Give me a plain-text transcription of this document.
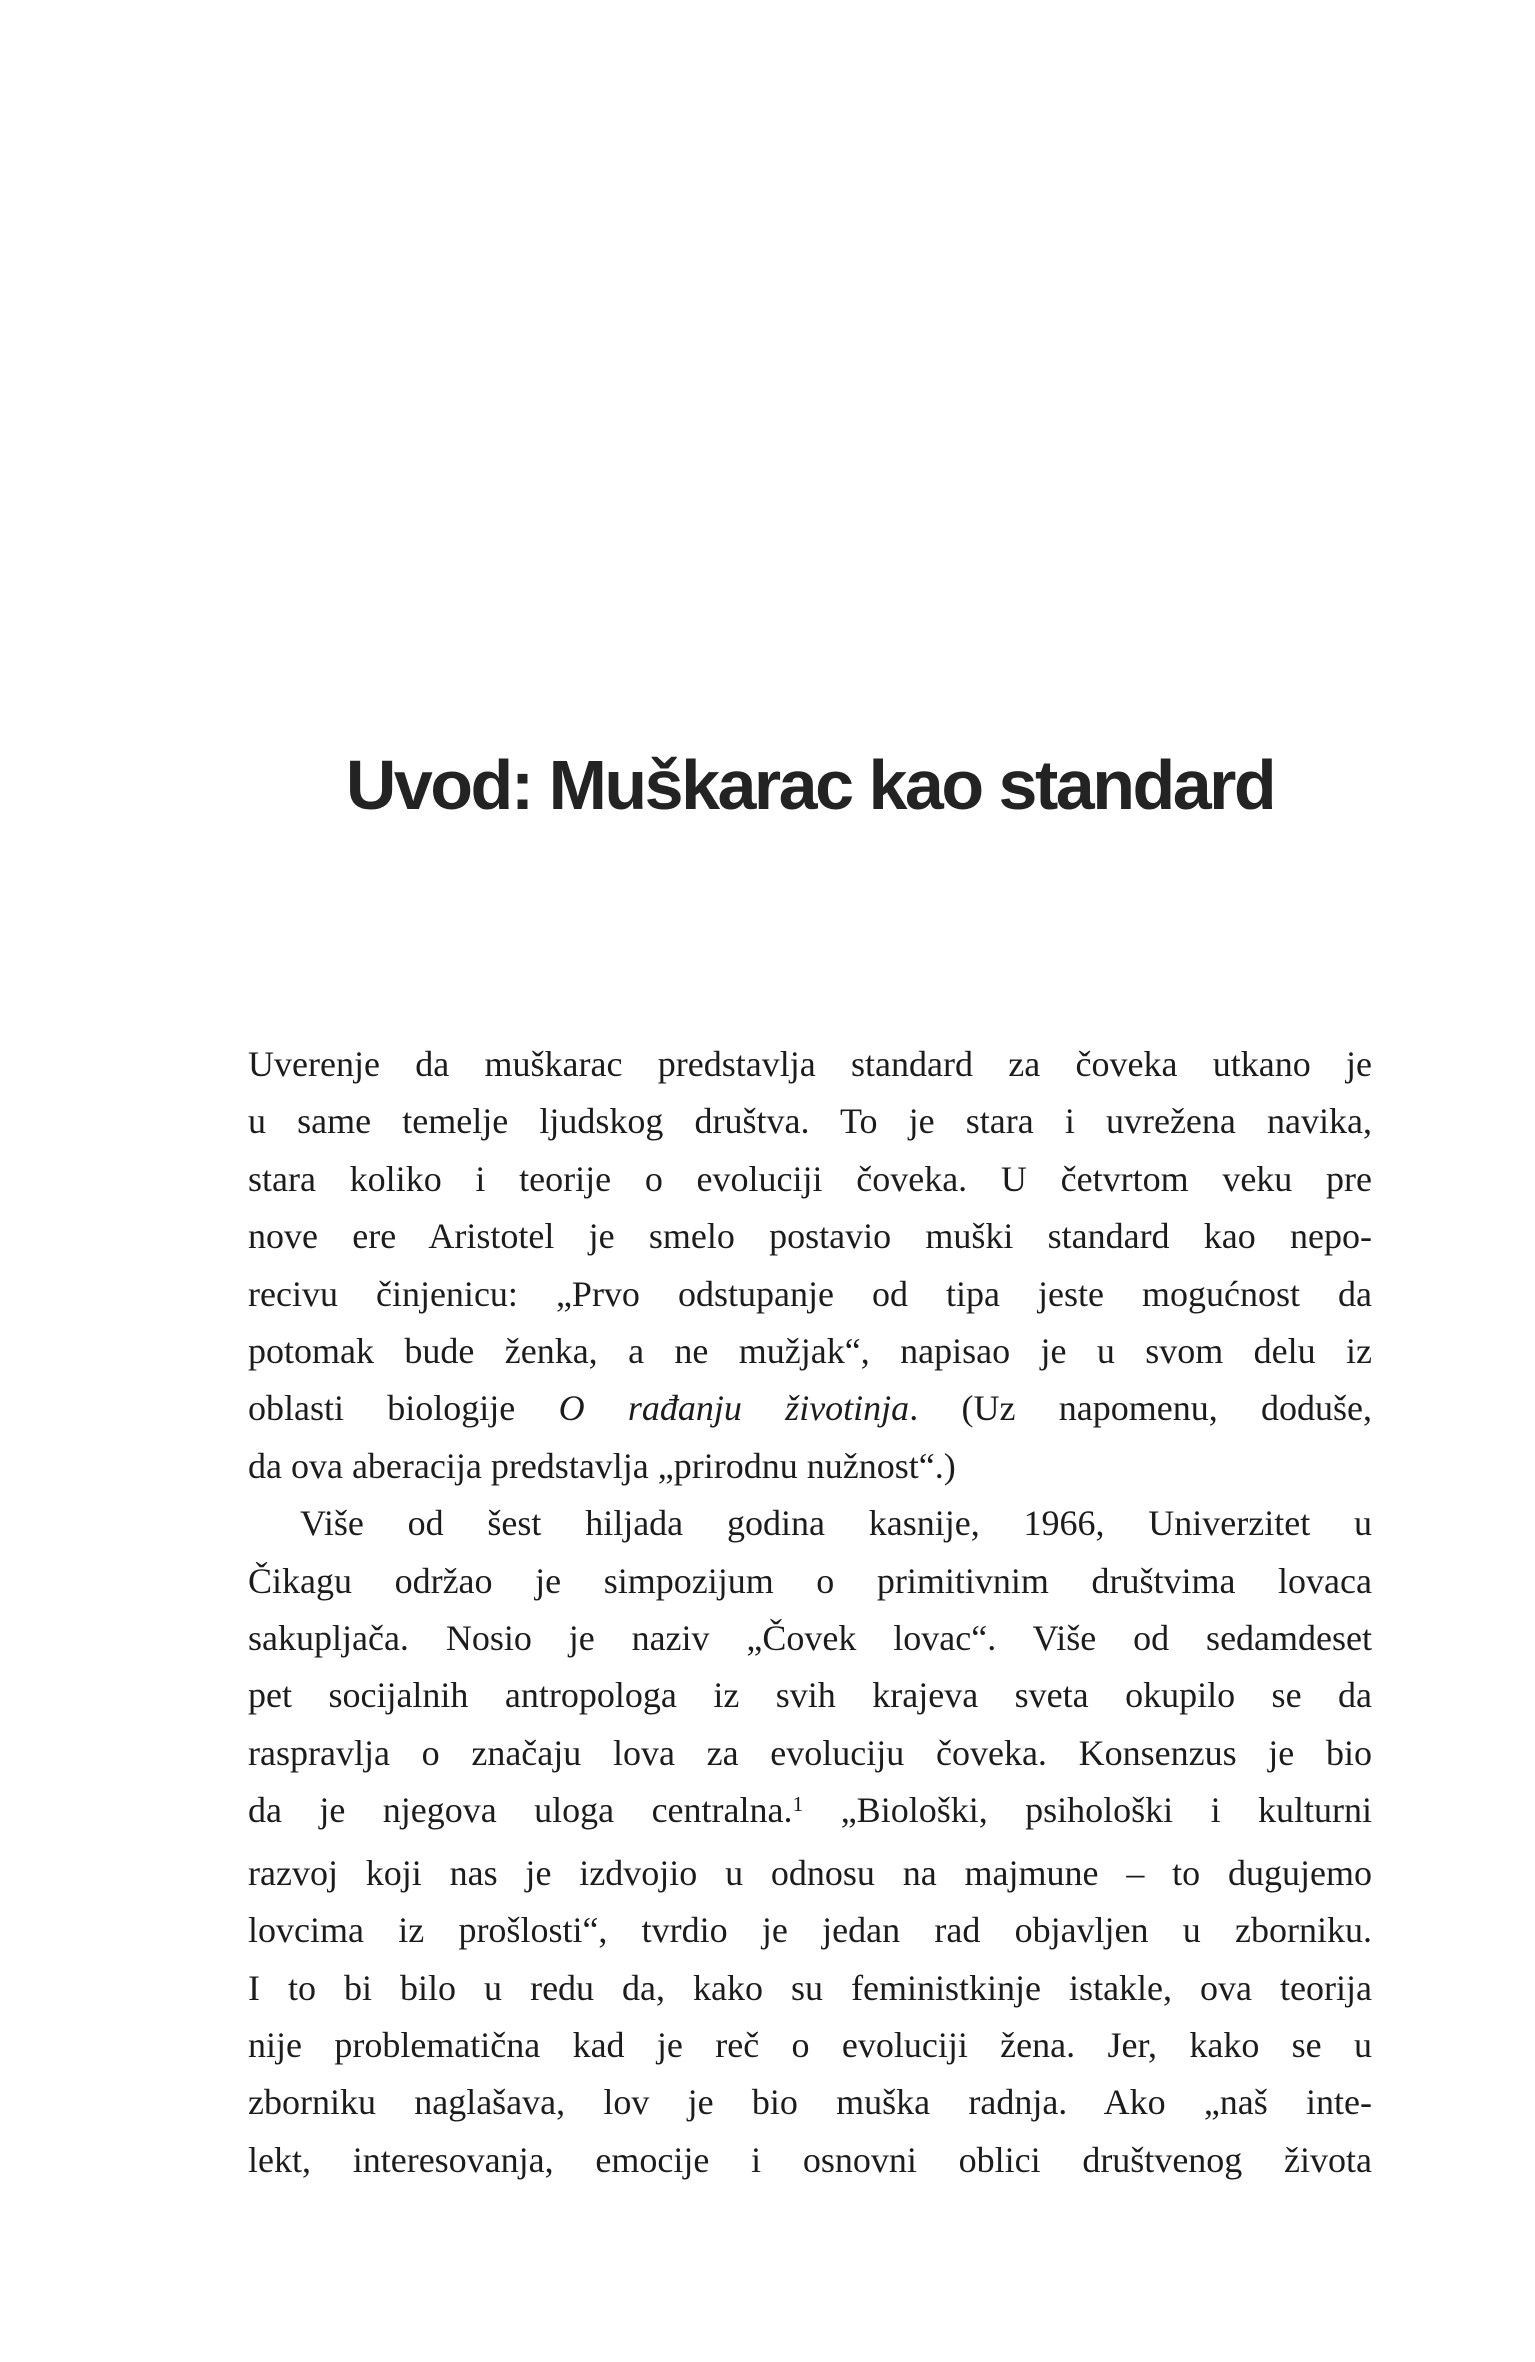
Uvod: Muškarac kao standard
Uverenje da muškarac predstavlja standard za čoveka utkano je
u same temelje ljudskog društva. To je stara i uvrežena navika,
stara koliko i teorije o evoluciji čoveka. U četvrtom veku pre
nove ere Aristotel je smelo postavio muški standard kao nepo-
recivu činjenicu: „Prvo odstupanje od tipa jeste mogućnost da
potomak bude ženka, a ne mužjak“, napisao je u svom delu iz
oblasti biologije O rađanju životinja. (Uz napomenu, doduše,
da ova aberacija predstavlja „prirodnu nužnost“.)
Više od šest hiljada godina kasnije, 1966, Univerzitet u
Čikagu održao je simpozijum o primitivnim društvima lovaca
sakupljača. Nosio je naziv „Čovek lovac“. Više od sedamdeset
pet socijalnih antropologa iz svih krajeva sveta okupilo se da
raspravlja o značaju lova za evoluciju čoveka. Konsenzus je bio
da je njegova uloga centralna.$^1$ „Biološki, psihološki i kulturni
razvoj koji nas je izdvojio u odnosu na majmune – to dugujemo
lovcima iz prošlosti“, tvrdio je jedan rad objavljen u zborniku.
I to bi bilo u redu da, kako su feministkinje istakle, ova teorija
nije problematična kad je reč o evoluciji žena. Jer, kako se u
zborniku naglašava, lov je bio muška radnja. Ako „naš inte-
lekt, interesovanja, emocije i osnovni oblici društvenog života
